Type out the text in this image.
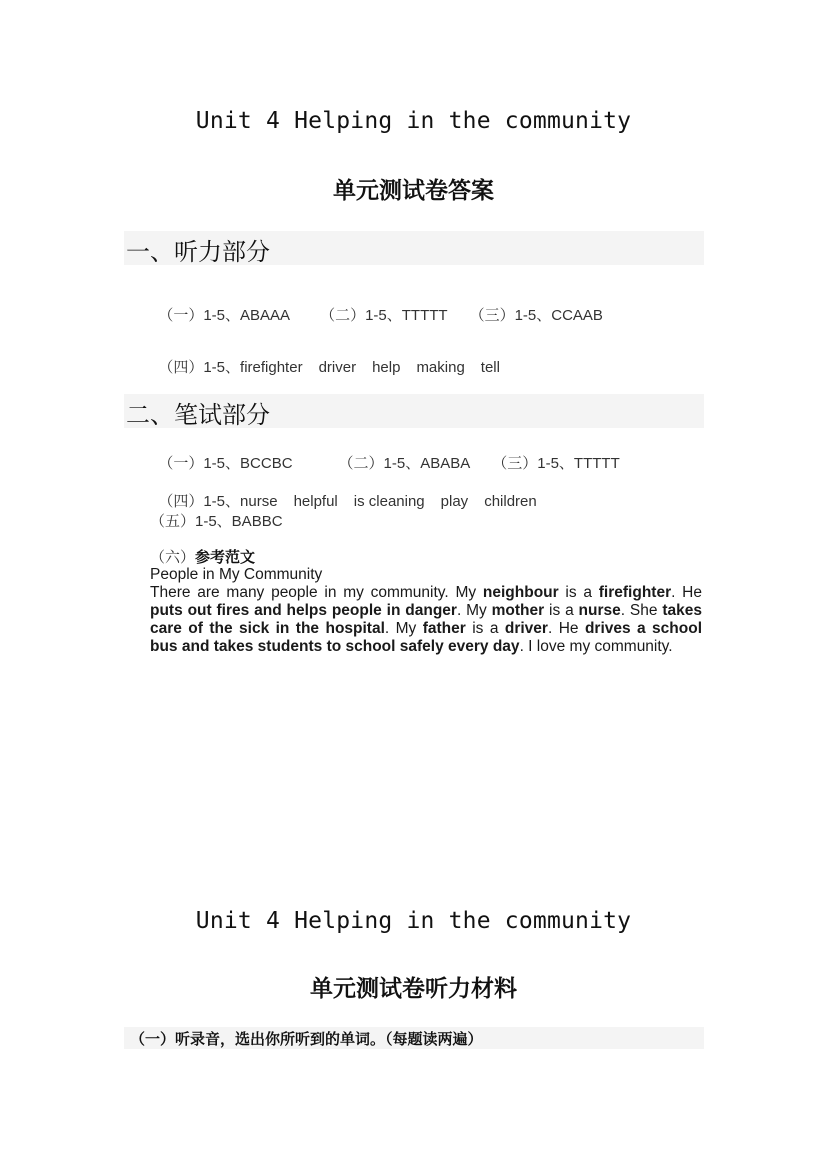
Unit 4 Helping in the community
单元测试卷答案
一、听力部分

（一）1-5、ABAAA （二）1-5、TTTTT （三）1-5、CCAAB

（四）1-5、firefighter driver help making tell

二、笔试部分

（一）1-5、BCCBC	（二）1-5、ABABA （三）1-5、TTTTT

（四）1-5、nurse helpful is cleaning play children

（五）1-5、BABBC
（六）参考范文
People in My Community
There are many people in my community. My neighbour is a firefighter. He puts out fires and helps people in danger. My mother is a nurse. She takes care of the sick in the hospital. My father is a driver. He drives a school bus and takes students to school safely every day. I love my community.
Unit 4 Helping in the community
单元测试卷听力材料
（一）听录音，选出你所听到的单词。（每题读两遍）
